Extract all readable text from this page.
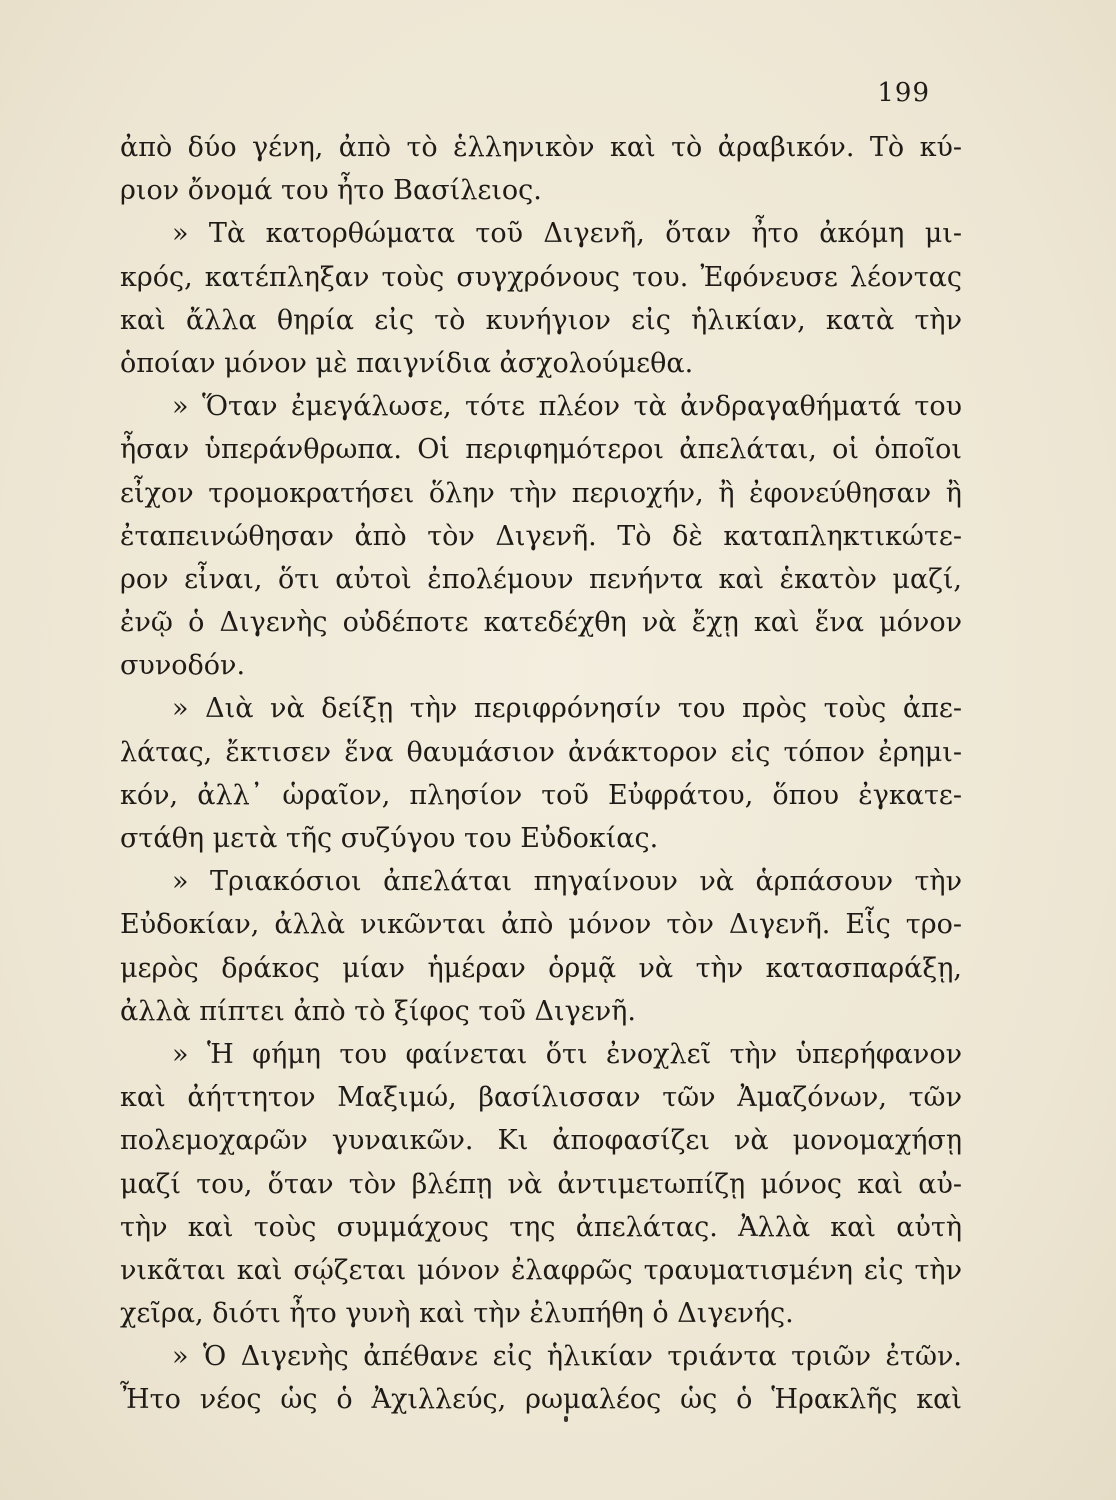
199
ἀπὸ δύο γένη, ἀπὸ τὸ ἑλληνικὸν καὶ τὸ ἀραβικόν. Τὸ κύ-
ριον ὄνομά του ἦτο Βασίλειος.
» Τὰ κατορθώματα τοῦ Διγενῆ, ὅταν ἦτο ἀκόμη μι-
κρός, κατέπληξαν τοὺς συγχρόνους του. Ἐφόνευσε λέοντας
καὶ ἄλλα θηρία εἰς τὸ κυνήγιον εἰς ἡλικίαν, κατὰ τὴν
ὁποίαν μόνον μὲ παιγνίδια ἀσχολούμεθα.
» Ὅταν ἐμεγάλωσε, τότε πλέον τὰ ἀνδραγαθήματά του
ἦσαν ὑπεράνθρωπα. Οἱ περιφημότεροι ἀπελάται, οἱ ὁποῖοι
εἶχον τρομοκρατήσει ὅλην τὴν περιοχήν, ἢ ἐφονεύθησαν ἢ
ἐταπεινώθησαν ἀπὸ τὸν Διγενῆ. Τὸ δὲ καταπληκτικώτε-
ρον εἶναι, ὅτι αὐτοὶ ἐπολέμουν πενήντα καὶ ἑκατὸν μαζί,
ἐνῷ ὁ Διγενὴς οὐδέποτε κατεδέχθη νὰ ἔχῃ καὶ ἕνα μόνον
συνοδόν.
» Διὰ νὰ δείξῃ τὴν περιφρόνησίν του πρὸς τοὺς ἀπε-
λάτας, ἔκτισεν ἕνα θαυμάσιον ἀνάκτορον εἰς τόπον ἐρημι-
κόν, ἀλλ᾽ ὡραῖον, πλησίον τοῦ Εὐφράτου, ὅπου ἐγκατε-
στάθη μετὰ τῆς συζύγου του Εὐδοκίας.
» Τριακόσιοι ἀπελάται πηγαίνουν νὰ ἁρπάσουν τὴν
Εὐδοκίαν, ἀλλὰ νικῶνται ἀπὸ μόνον τὸν Διγενῆ. Εἷς τρο-
μερὸς δράκος μίαν ἡμέραν ὁρμᾷ νὰ τὴν κατασπαράξῃ,
ἀλλὰ πίπτει ἀπὸ τὸ ξίφος τοῦ Διγενῆ.
» Ἡ φήμη του φαίνεται ὅτι ἐνοχλεῖ τὴν ὑπερήφανον
καὶ ἀήττητον Μαξιμώ, βασίλισσαν τῶν Ἀμαζόνων, τῶν
πολεμοχαρῶν γυναικῶν. Κι ἀποφασίζει νὰ μονομαχήσῃ
μαζί του, ὅταν τὸν βλέπῃ νὰ ἀντιμετωπίζῃ μόνος καὶ αὐ-
τὴν καὶ τοὺς συμμάχους της ἀπελάτας. Ἀλλὰ καὶ αὐτὴ
νικᾶται καὶ σῴζεται μόνον ἐλαφρῶς τραυματισμένη εἰς τὴν
χεῖρα, διότι ἦτο γυνὴ καὶ τὴν ἐλυπήθη ὁ Διγενής.
» Ὁ Διγενὴς ἀπέθανε εἰς ἡλικίαν τριάντα τριῶν ἐτῶν.
Ἦτο νέος ὡς ὁ Ἀχιλλεύς, ρωμαλέος ὡς ὁ Ἡρακλῆς καὶ
